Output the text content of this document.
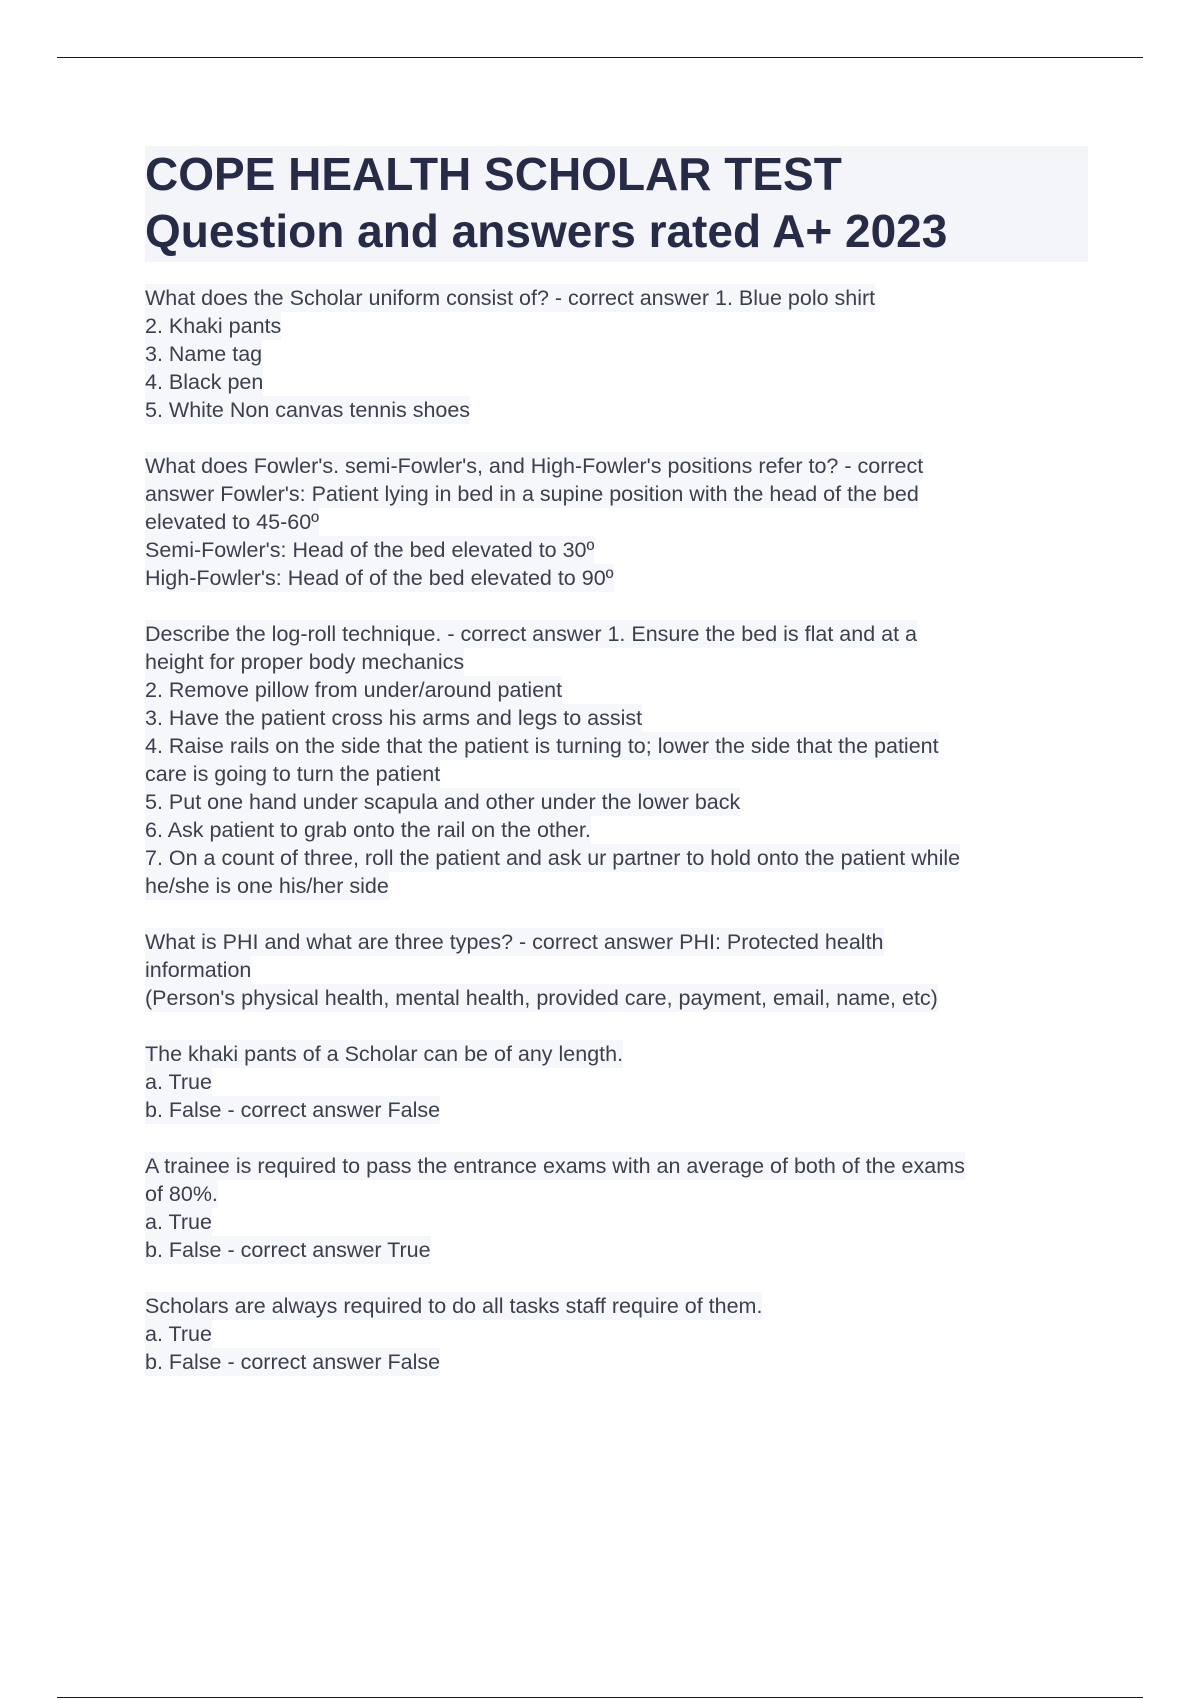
COPE HEALTH SCHOLAR TEST

Question and answers rated A+ 2023

What does the Scholar uniform consist of? - correct answer 1. Blue polo shirt
2. Khaki pants
3. Name tag
4. Black pen
5. White Non canvas tennis shoes
What does Fowler's. semi-Fowler's, and High-Fowler's positions refer to? - correct
answer Fowler's: Patient lying in bed in a supine position with the head of the bed
elevated to 45-60º
Semi-Fowler's: Head of the bed elevated to 30º
High-Fowler's: Head of of the bed elevated to 90º
Describe the log-roll technique. - correct answer 1. Ensure the bed is flat and at a
height for proper body mechanics
2. Remove pillow from under/around patient
3. Have the patient cross his arms and legs to assist
4. Raise rails on the side that the patient is turning to; lower the side that the patient
care is going to turn the patient
5. Put one hand under scapula and other under the lower back
6. Ask patient to grab onto the rail on the other.
7. On a count of three, roll the patient and ask ur partner to hold onto the patient while
he/she is one his/her side
What is PHI and what are three types? - correct answer PHI: Protected health
information
(Person's physical health, mental health, provided care, payment, email, name, etc)
The khaki pants of a Scholar can be of any length.
a. True
b. False - correct answer False
A trainee is required to pass the entrance exams with an average of both of the exams
of 80%.
a. True
b. False - correct answer True
Scholars are always required to do all tasks staff require of them.
a. True
b. False - correct answer False
